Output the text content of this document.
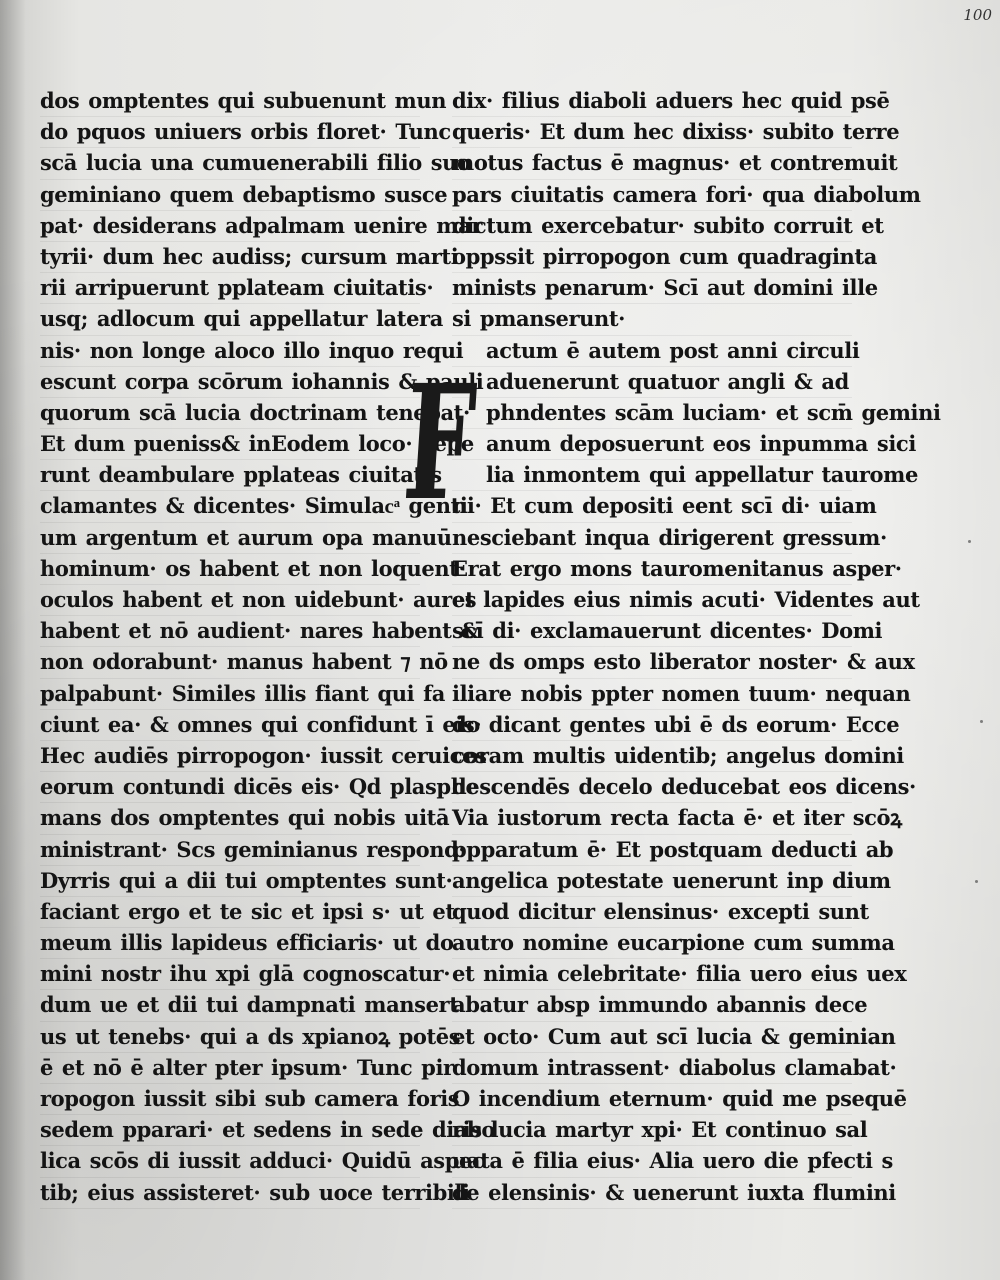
100
dos omptentes qui subuenunt mun
do pquos uniuers orbis floret· Tunc
scā lucia una cumuenerabili filio suo
geminiano quem debaptismo susce
pat· desiderans adpalmam uenire mar
tyrii· dum hec audiss; cursum marti
rii arripuerunt pplateam ciuitatis·
usq; adlocum qui appellatur latera
nis· non longe aloco illo inquo requi
escunt corpa scōrum iohannis & pauli
quorum scā lucia doctrinam tenebat·
Et dum pueniss& inEodem loco· cepe
runt deambulare pplateas ciuitatis
clamantes & dicentes· Simulacͣ genti
um argentum et aurum opa manuū
hominum· os habent et non loquent·
oculos habent et non uidebunt· aures
habent et nō audient· nares habent &
non odorabunt· manus habent ⁊ nō
palpabunt· Similes illis fiant qui fa
ciunt ea· & omnes qui confidunt ī eis·
Hec audiēs pirropogon· iussit ceruices
eorum contundi dicēs eis· Qd plasphe
mans dos omptentes qui nobis uitā
ministrant· Scs geminianus respond·
Dyrris qui a dii tui omptentes sunt·
faciant ergo et te sic et ipsi s· ut et
meum illis lapideus efficiaris· ut do
mini nostr ihu xpi glā cognoscatur·
dum ue et dii tui dampnati mansert
us ut tenebs· qui a ds xpianoꝝ potēs
ē et nō ē alter pter ipsum· Tunc pir
ropogon iussit sibi sub camera foris
sedem pparari· et sedens in sede diabo
lica scōs di iussit adduci· Quidū aspec
tib; eius assisteret· sub uoce terribili
dix· filius diaboli aduers hec quid psē
queris· Et dum hec dixiss· subito terre
motus factus ē magnus· et contremuit
pars ciuitatis camera fori· qua diabolum
dictum exercebatur· subito corruit et
oppssit pirropogon cum quadraginta
minists penarum· Scī aut domini ille
si pmanserunt·
actum ē autem post anni circuli
aduenerunt quatuor angli & ad
phndentes scām luciam· et scm̄ gemini
anum deposuerunt eos inpumma sici
lia inmontem qui appellatur taurome
ni· Et cum depositi eent scī di· uiam
nesciebant inqua dirigerent gressum·
Erat ergo mons tauromenitanus asper·
et lapides eius nimis acuti· Videntes aut
scī di· exclamauerunt dicentes· Domi
ne ds omps esto liberator noster· & aux
iliare nobis ppter nomen tuum· nequan
do dicant gentes ubi ē ds eorum· Ecce
coram multis uidentib; angelus domini
descendēs decelo deducebat eos dicens·
Via iustorum recta facta ē· et iter scōꝝ
ppparatum ē· Et postquam deducti ab
angelica potestate uenerunt inp dium
quod dicitur elensinus· excepti sunt
autro nomine eucarpione cum summa
et nimia celebritate· filia uero eius uex
abatur absp immundo abannis dece
et octo· Cum aut scī lucia & geminian
domum intrassent· diabolus clamabat·
O incendium eternum· quid me psequē
ris lucia martyr xpi· Et continuo sal
uata ē filia eius· Alia uero die pfecti s
de elensinis· & uenerunt iuxta flumini
F
